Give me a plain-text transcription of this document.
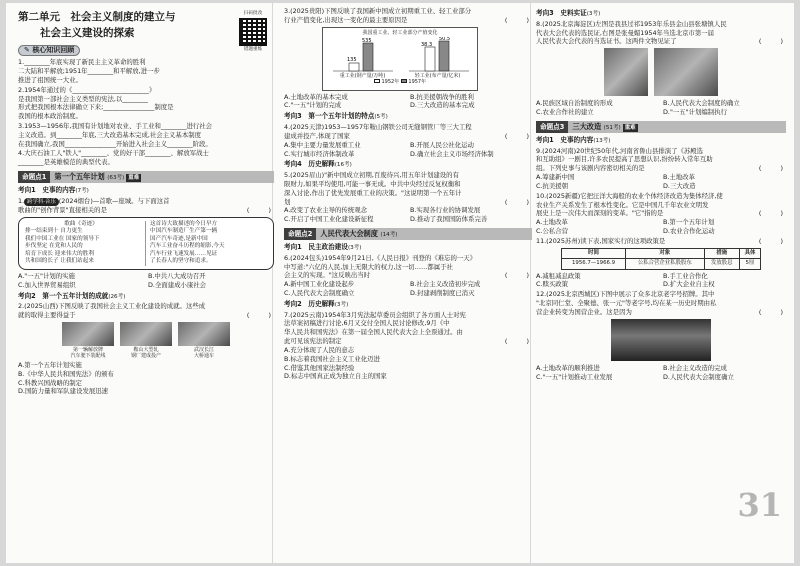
扫码批改
错题重练
第二单元　社会主义制度的建立与
社会主义建设的探索
✎ 核心知识回顾
1.________年底实现了新民主主义革命的胜利
二大陆和平解放;1951年________和平解放,进一步
推进了祖国统一大业。
2.1954年通过的《________________________》
是我国第一部社会主义类型的宪法,以________
形式把我国根本法律确立下来;________________制度是
我国的根本政治制度。
3.1953—1956年,我国有计划地对农业、手工业和________进行社会
主义改造。到________年底,三大改造基本完成,社会主义基本制度
在我国确立,我国________________开始进入社会主义________阶段。
4.大庆石油工人"铁人"________、党的好干部________、解放军战士
________是英雄模范的典型代表。
命题点1	第一个五年计划 (63考) 重难
考向1　史事的内容(7考)
1. 跨学科·音乐 (2024烟台)—首歌—座城。与下面这首
歌曲的"创作背景"直接相关的是	(　　　)
歌曲《奇迹》
排一结束到十 自力更生
我们中国工业在 国家的领导下
步伐坚定 在党和人民的
培育下成长 迎来伟大的胜利
共和国的长子 让我们站起来
这首诗大致描述的今日早方
中国汽车制造厂生产第一辆
国产汽车奇迹,是新中国
汽车工业奋斗历程的缩影,今天
汽车行业飞速发展……见证
了长春人的坚守和追求。
A."一五"计划的实施	B.中共八大成功召开
C.加入世界贸易组织	D.全面建成小康社会
考向2　第一个五年计划的成就(26考)
2.(2025山西)下图反映了我国社会主义工业化建设的成就。这些成
就的取得主要得益于	(　　　)
第一辆解放牌
汽车驶下装配线
鞍山大型轧
钢厂建成投产
武汉长江
大桥通车
A.第一个五年计划实施
B.《中华人民共和国宪法》的颁布
C.科教兴国战略的制定
D.国防力量和军队建设发展迅速
3.(2025贵阳)下图反映了我国新中国成立初期重工业、轻工业部分
行业产值变化,出现这一变化的最主要原因是	(　　　)
我国重工业、轻工业部分产值变化
135
535
38.3
50.5
重工业(钢产量/万吨)	轻工业(布产量/亿米)
1952年 1957年
A.土地改革的基本完成	B.抗美援朝战争的胜利
C."一五"计划的完成	D.三大改造的基本完成
考向3　第一个五年计划的特点(5考)
4.(2025天津)1953—1957年鞍山钢铁公司无缝钢管厂等三大工程
建成并投产,体现了国家	(　　　)
A.集中主要力量发展重工业	B.开展人民公社化运动
C.实行城市经济体制改革	D.确立社会主义市场经济体制
考向4　历史解释(16考)
5.(2025眉山)"新中国成立初期,百废待兴,用五年计划建设的有
限财力,如果平均使用,可能一事无成。中共中央经过反复权衡和
深入讨论,作出了优先发展重工业的决策。"这说明第一个五年计
划	(　　　)
A.改变了农业主导的传统观念	B.实现各行业的协调发展
C.开启了中国工业化建设新征程	D.推动了我国国防体系完善
命题点2	人民代表大会制度 (14考)
考向1　民主政治建设(3考)
6.(2024包头)1954年9月21日,《人民日报》刊登的《难忘的一天》
中写道:"六亿的人民,加上无限大的权力,这一切……都属于社
会主义的实现。"这反映出当时	(　　　)
A.新中国工业化建设起步	B.社会主义改造初步完成
C.人民代表大会制度确立	D.封建剥削制度已消灭
考向2　历史解释(3考)
7.(2025云南)1954年3月宪法起草委员会组织了各方面人士对宪
法草案初稿进行讨论,6月又交付全国人民讨论修改,9月《中
华人民共和国宪法》在第一届全国人民代表大会上全票通过。由
此可见该宪法的制定	(　　　)
A.充分体现了人民的意志
B.标志着我国社会主义工业化迈进
C.借鉴其他国家法制经验
D.标志中国真正成为独立自主的国家
考向3　史料实证(3考)
8.(2025北京海淀区)左图是我县过祁1953年乐县金山县张塘镇人民
代表大会代表的选民证,右图是张曼媚1954年当选北京市第一届
人民代表大会代表的当选证书。这两件文物见证了	(　　　)
A.民族区域自治制度的形成	B.人民代表大会制度的确立
C.农业合作社的建立	D."一五"计划编制执行
命题点3	三大改造 (51考) 重难
考向1　史事的内容(13考)
9.(2024河南)20世纪50年代,河南省鲁山县排演了《苏殿选
和互助组》一剧目,许多农民提高了思想认识,纷纷转入常年互助
组。下列史事与该剧内容密切相关的是	(　　　)
A.筹建新中国	B.土地改革
C.抗美援朝	D.三大改造
10.(2025新疆)它把汪洋大海般的农业个体经济改造为集体经济,使
农业生产关系发生了根本性变化。它是中国几千年农业文明发
展史上是一次伟大而深刻的变革。"它"指的是	(　　　)
A.土地改革	B.第一个五年计划
C.公私合营	D.农业合作化运动
11.(2025苏州)读下表,国家实行的这项政策是	(　　　)
时间	对象	措施	具体
1956.7—1966.9	公私合营企业私股股东	发放股息	5厘
A.减租减息政策	B.手工业合作化
C.赎买政策	D.扩大企业自主权
12.(2025北京西城区)下图中展示了众多北京老字号招牌。其中
"北京同仁堂、全聚德、张一元"等老字号,均在某一历史时期由私
营企业转变为国营企业。这是因为	(　　　)
A.土地改革的顺利推进	B.社会主义改造的完成
C."一五"计划推动工业发展	D.人民代表大会制度确立
31
